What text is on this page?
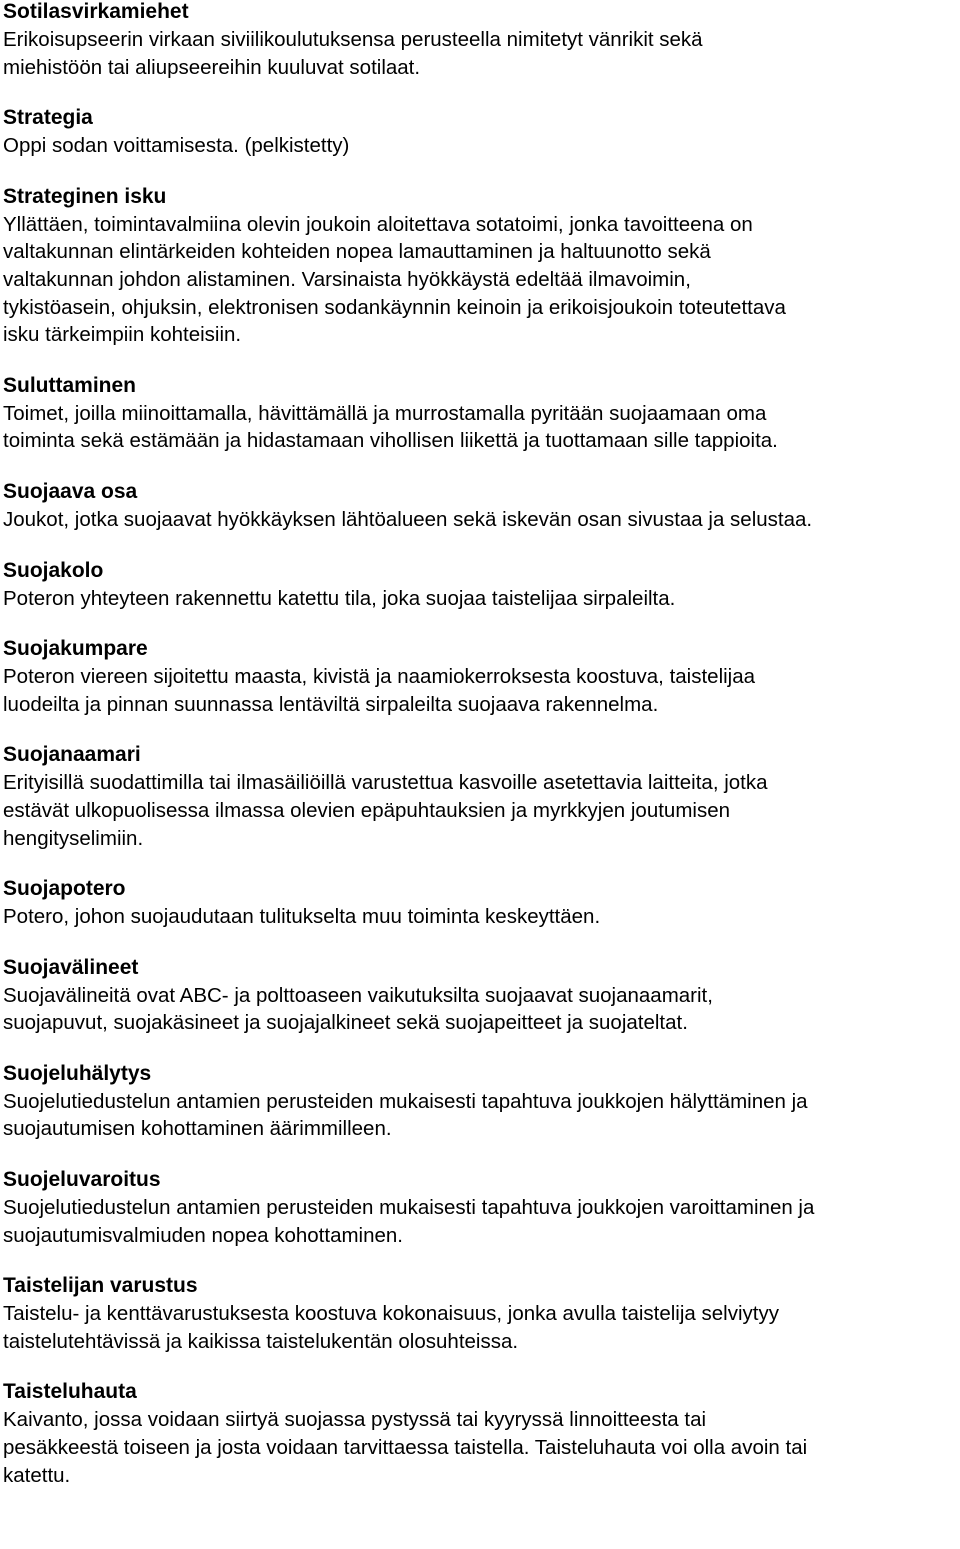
Sotilasvirkamiehet
Erikoisupseerin virkaan siviilikoulutuksensa perusteella nimitetyt vänrikit sekä
miehistöön tai aliupseereihin kuuluvat sotilaat.
Strategia
Oppi sodan voittamisesta. (pelkistetty)
Strateginen isku
Yllättäen, toimintavalmiina olevin joukoin aloitettava sotatoimi, jonka tavoitteena on
valtakunnan elintärkeiden kohteiden nopea lamauttaminen ja haltuunotto sekä
valtakunnan johdon alistaminen. Varsinaista hyökkäystä edeltää ilmavoimin,
tykistöasein, ohjuksin, elektronisen sodankäynnin keinoin ja erikoisjoukoin toteutettava
isku tärkeimpiin kohteisiin.
Suluttaminen
Toimet, joilla miinoittamalla, hävittämällä ja murrostamalla pyritään suojaamaan oma
toiminta sekä estämään ja hidastamaan vihollisen liikettä ja tuottamaan sille tappioita.
Suojaava osa
Joukot, jotka suojaavat hyökkäyksen lähtöalueen sekä iskevän osan sivustaa ja selustaa.
Suojakolo
Poteron yhteyteen rakennettu katettu tila, joka suojaa taistelijaa sirpaleilta.
Suojakumpare
Poteron viereen sijoitettu maasta, kivistä ja naamiokerroksesta koostuva, taistelijaa
luodeilta ja pinnan suunnassa lentäviltä sirpaleilta suojaava rakennelma.
Suojanaamari
Erityisillä suodattimilla tai ilmasäiliöillä varustettua kasvoille asetettavia laitteita, jotka
estävät ulkopuolisessa ilmassa olevien epäpuhtauksien ja myrkkyjen joutumisen
hengityselimiin.
Suojapotero
Potero, johon suojaudutaan tulitukselta muu toiminta keskeyttäen.
Suojavälineet
Suojavälineitä ovat ABC- ja polttoaseen vaikutuksilta suojaavat suojanaamarit,
suojapuvut, suojakäsineet ja suojajalkineet sekä suojapeitteet ja suojateltat.
Suojeluhälytys
Suojelutiedustelun antamien perusteiden mukaisesti tapahtuva joukkojen hälyttäminen ja
suojautumisen kohottaminen äärimmilleen.
Suojeluvaroitus
Suojelutiedustelun antamien perusteiden mukaisesti tapahtuva joukkojen varoittaminen ja
suojautumisvalmiuden nopea kohottaminen.
Taistelijan varustus
Taistelu- ja kenttävarustuksesta koostuva kokonaisuus, jonka avulla taistelija selviytyy
taistelutehtävissä ja kaikissa taistelukentän olosuhteissa.
Taisteluhauta
Kaivanto, jossa voidaan siirtyä suojassa pystyssä tai kyyryssä linnoitteesta tai
pesäkkeestä toiseen ja josta voidaan tarvittaessa taistella. Taisteluhauta voi olla avoin tai
katettu.
